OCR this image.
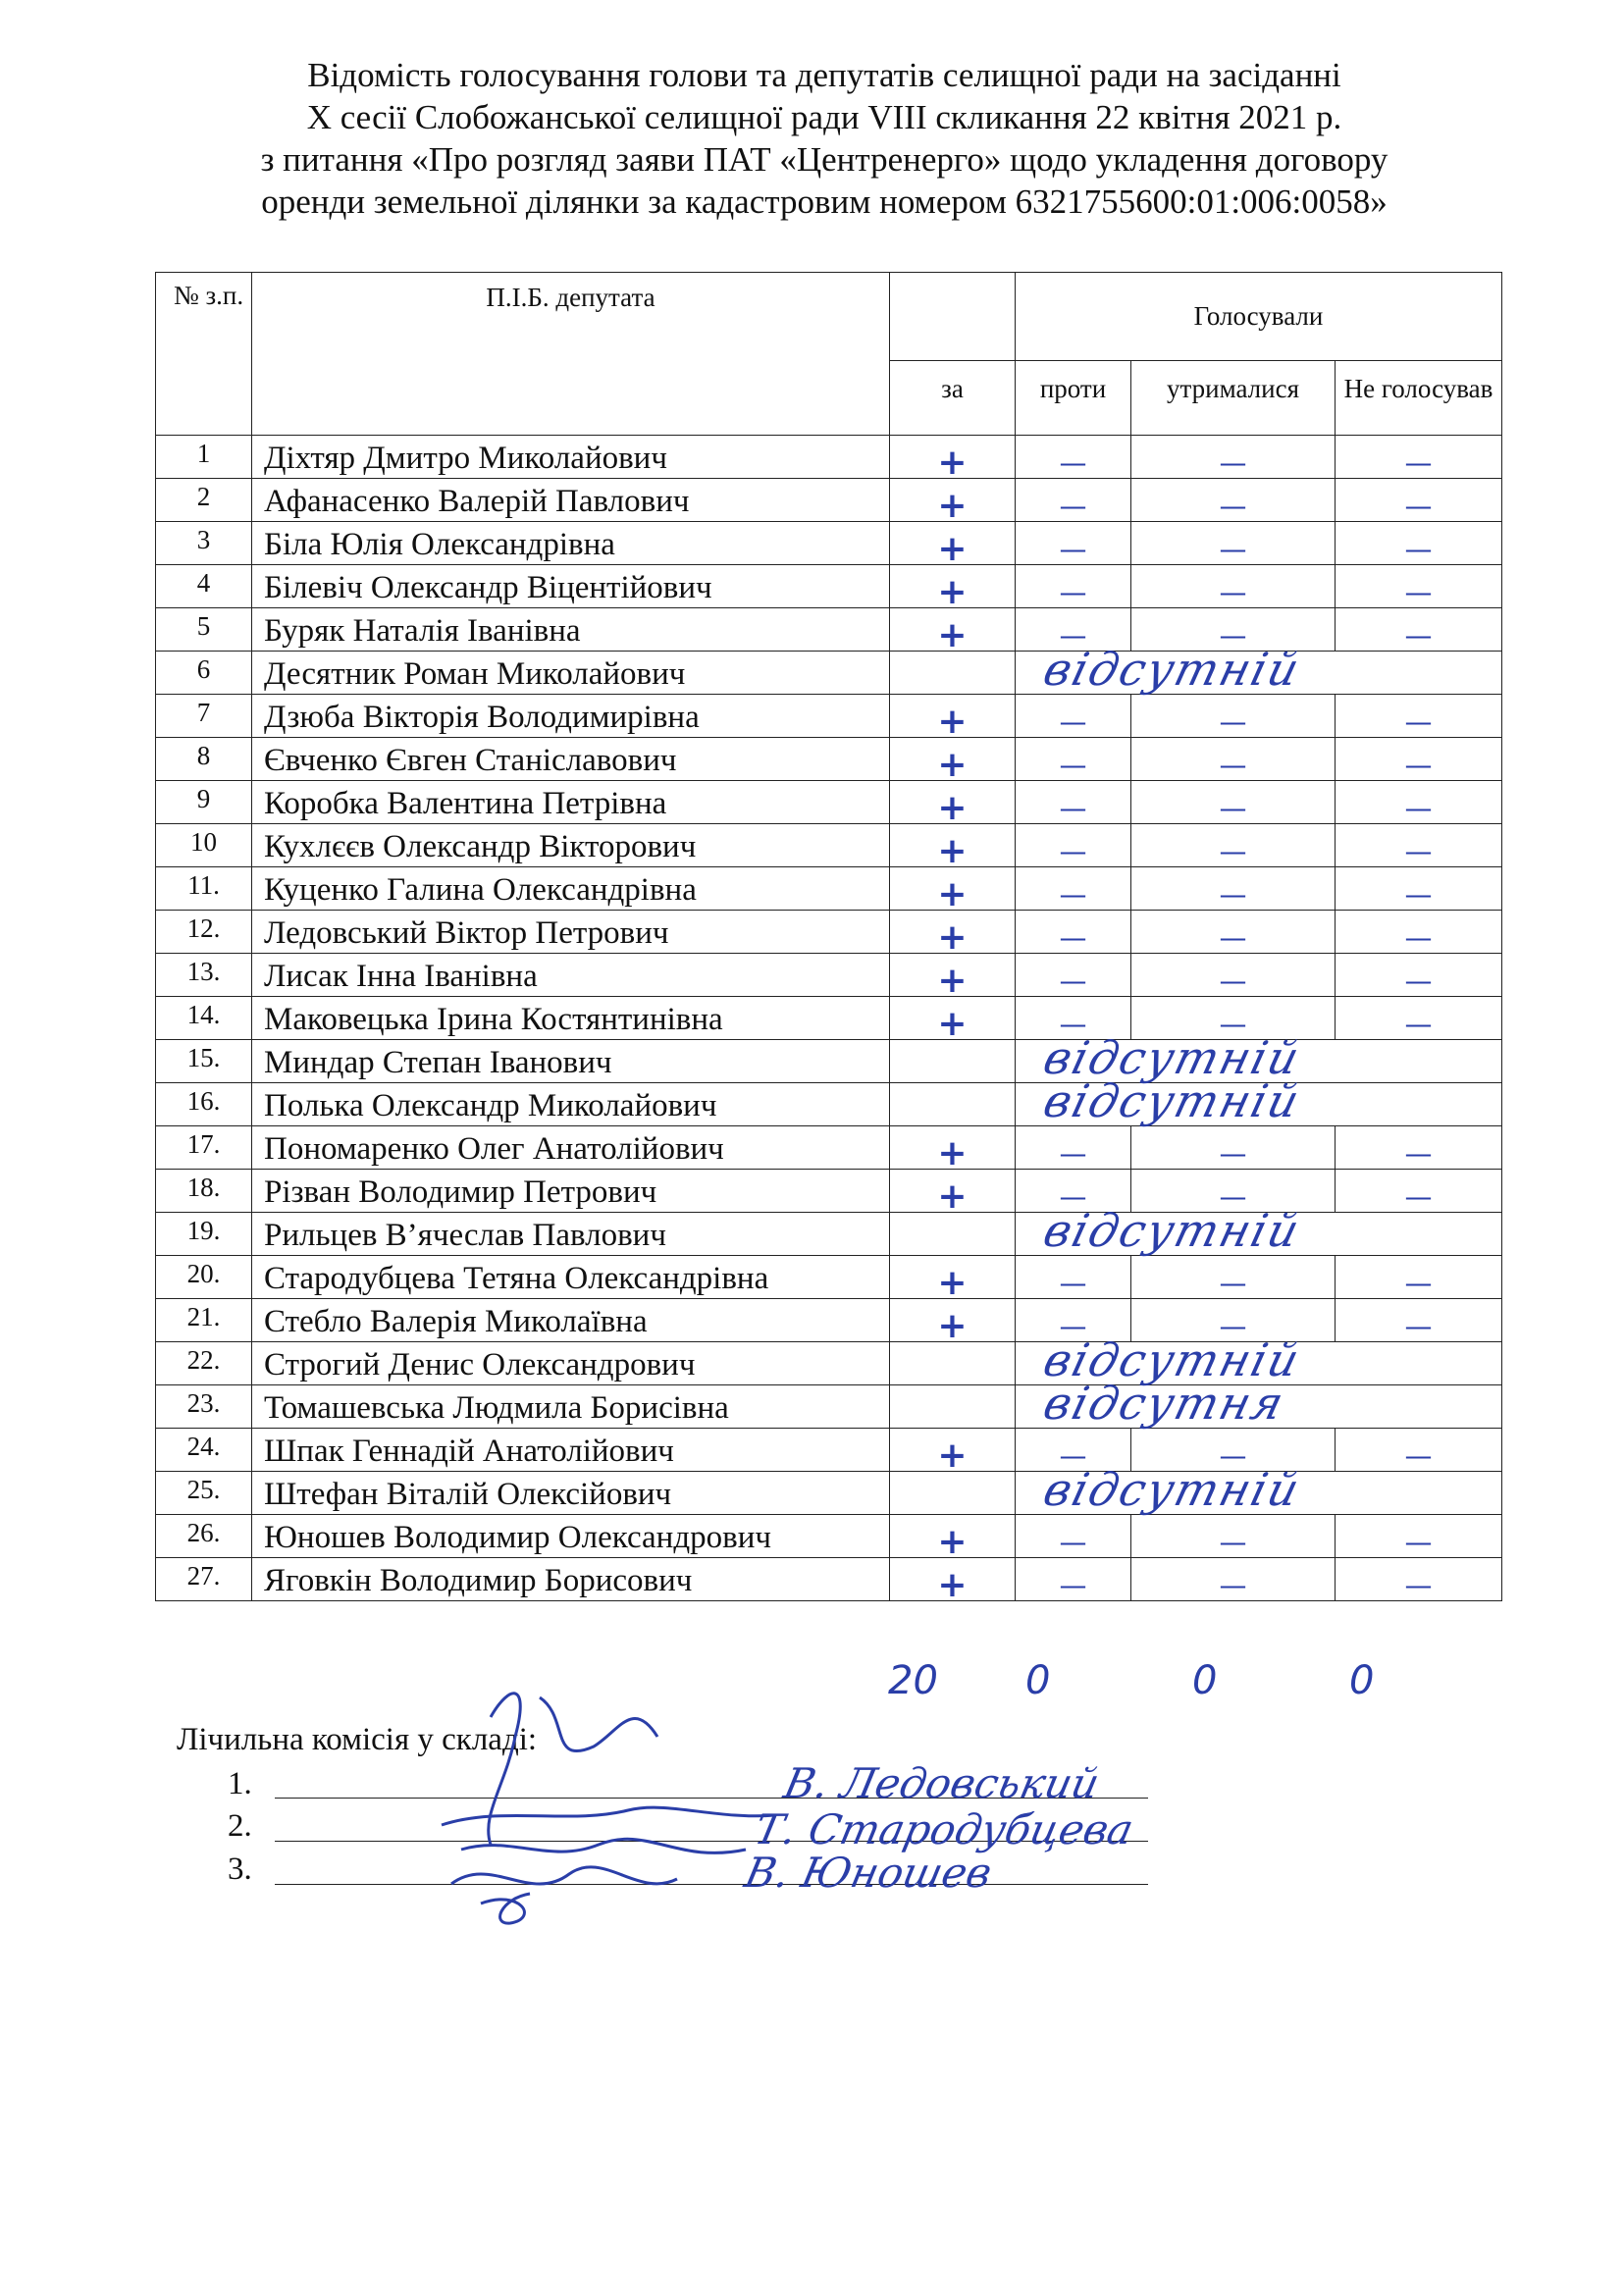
Відомість голосування голови та депутатів селищної ради на засіданні
Х сесії Слобожанської селищної ради VIII скликання 22 квітня 2021 р.
з питання «Про розгляд заяви ПАТ «Центренерго» щодо укладення договору
оренди земельної ділянки за кадастровим номером 6321755600:01:006:0058»
№ з.п.	П.І.Б. депутата		Голосували			
		за	проти	утрималися	Не голосував	
1	Діхтяр Дмитро Миколайович	+	—	—	—	
2	Афанасенко Валерій Павлович	+	—	—	—	
3	Біла Юлія Олександрівна	+	—	—	—	
4	Білевіч Олександр Віцентійович	+	—	—	—	
5	Буряк Наталія Іванівна	+	—	—	—	
6	Десятник Роман Миколайович		відсутній			

7	Дзюба Вікторія Володимирівна	+	—	—	—	
8	Євченко Євген Станіславович	+	—	—	—	
9	Коробка Валентина Петрівна	+	—	—	—	
10	Кухлєєв Олександр Вікторович	+	—	—	—	
11.	Куценко Галина Олександрівна	+	—	—	—	
12.	Ледовський Віктор Петрович	+	—	—	—	
13.	Лисак Інна Іванівна	+	—	—	—	
14.	Маковецька Ірина Костянтинівна	+	—	—	—	
15.	Миндар Степан Іванович		відсутній			

16.	Полька Олександр Миколайович		відсутній			

17.	Пономаренко Олег Анатолійович	+	—	—	—	
18.	Різван Володимир Петрович	+	—	—	—	
19.	Рильцев В’ячеслав Павлович		відсутній			

20.	Стародубцева Тетяна Олександрівна	+	—	—	—	
21.	Стебло Валерія Миколаївна	+	—	—	—	
22.	Строгий Денис Олександрович		відсутній			

23.	Томашевська Людмила Борисівна		відсутня			

24.	Шпак Геннадій Анатолійович	+	—	—	—	
25.	Штефан Віталій Олексійович		відсутній			

26.	Юноше​в Володимир Олександрович	+	—	—	—	
27.	Яговкін Володимир Борисович	+	—	—	—	
20 0	0	0
Лічильна комісія у складі:
1.	В. Ледовський
2.	Т. Стародубцева
3.	В. Юношев
